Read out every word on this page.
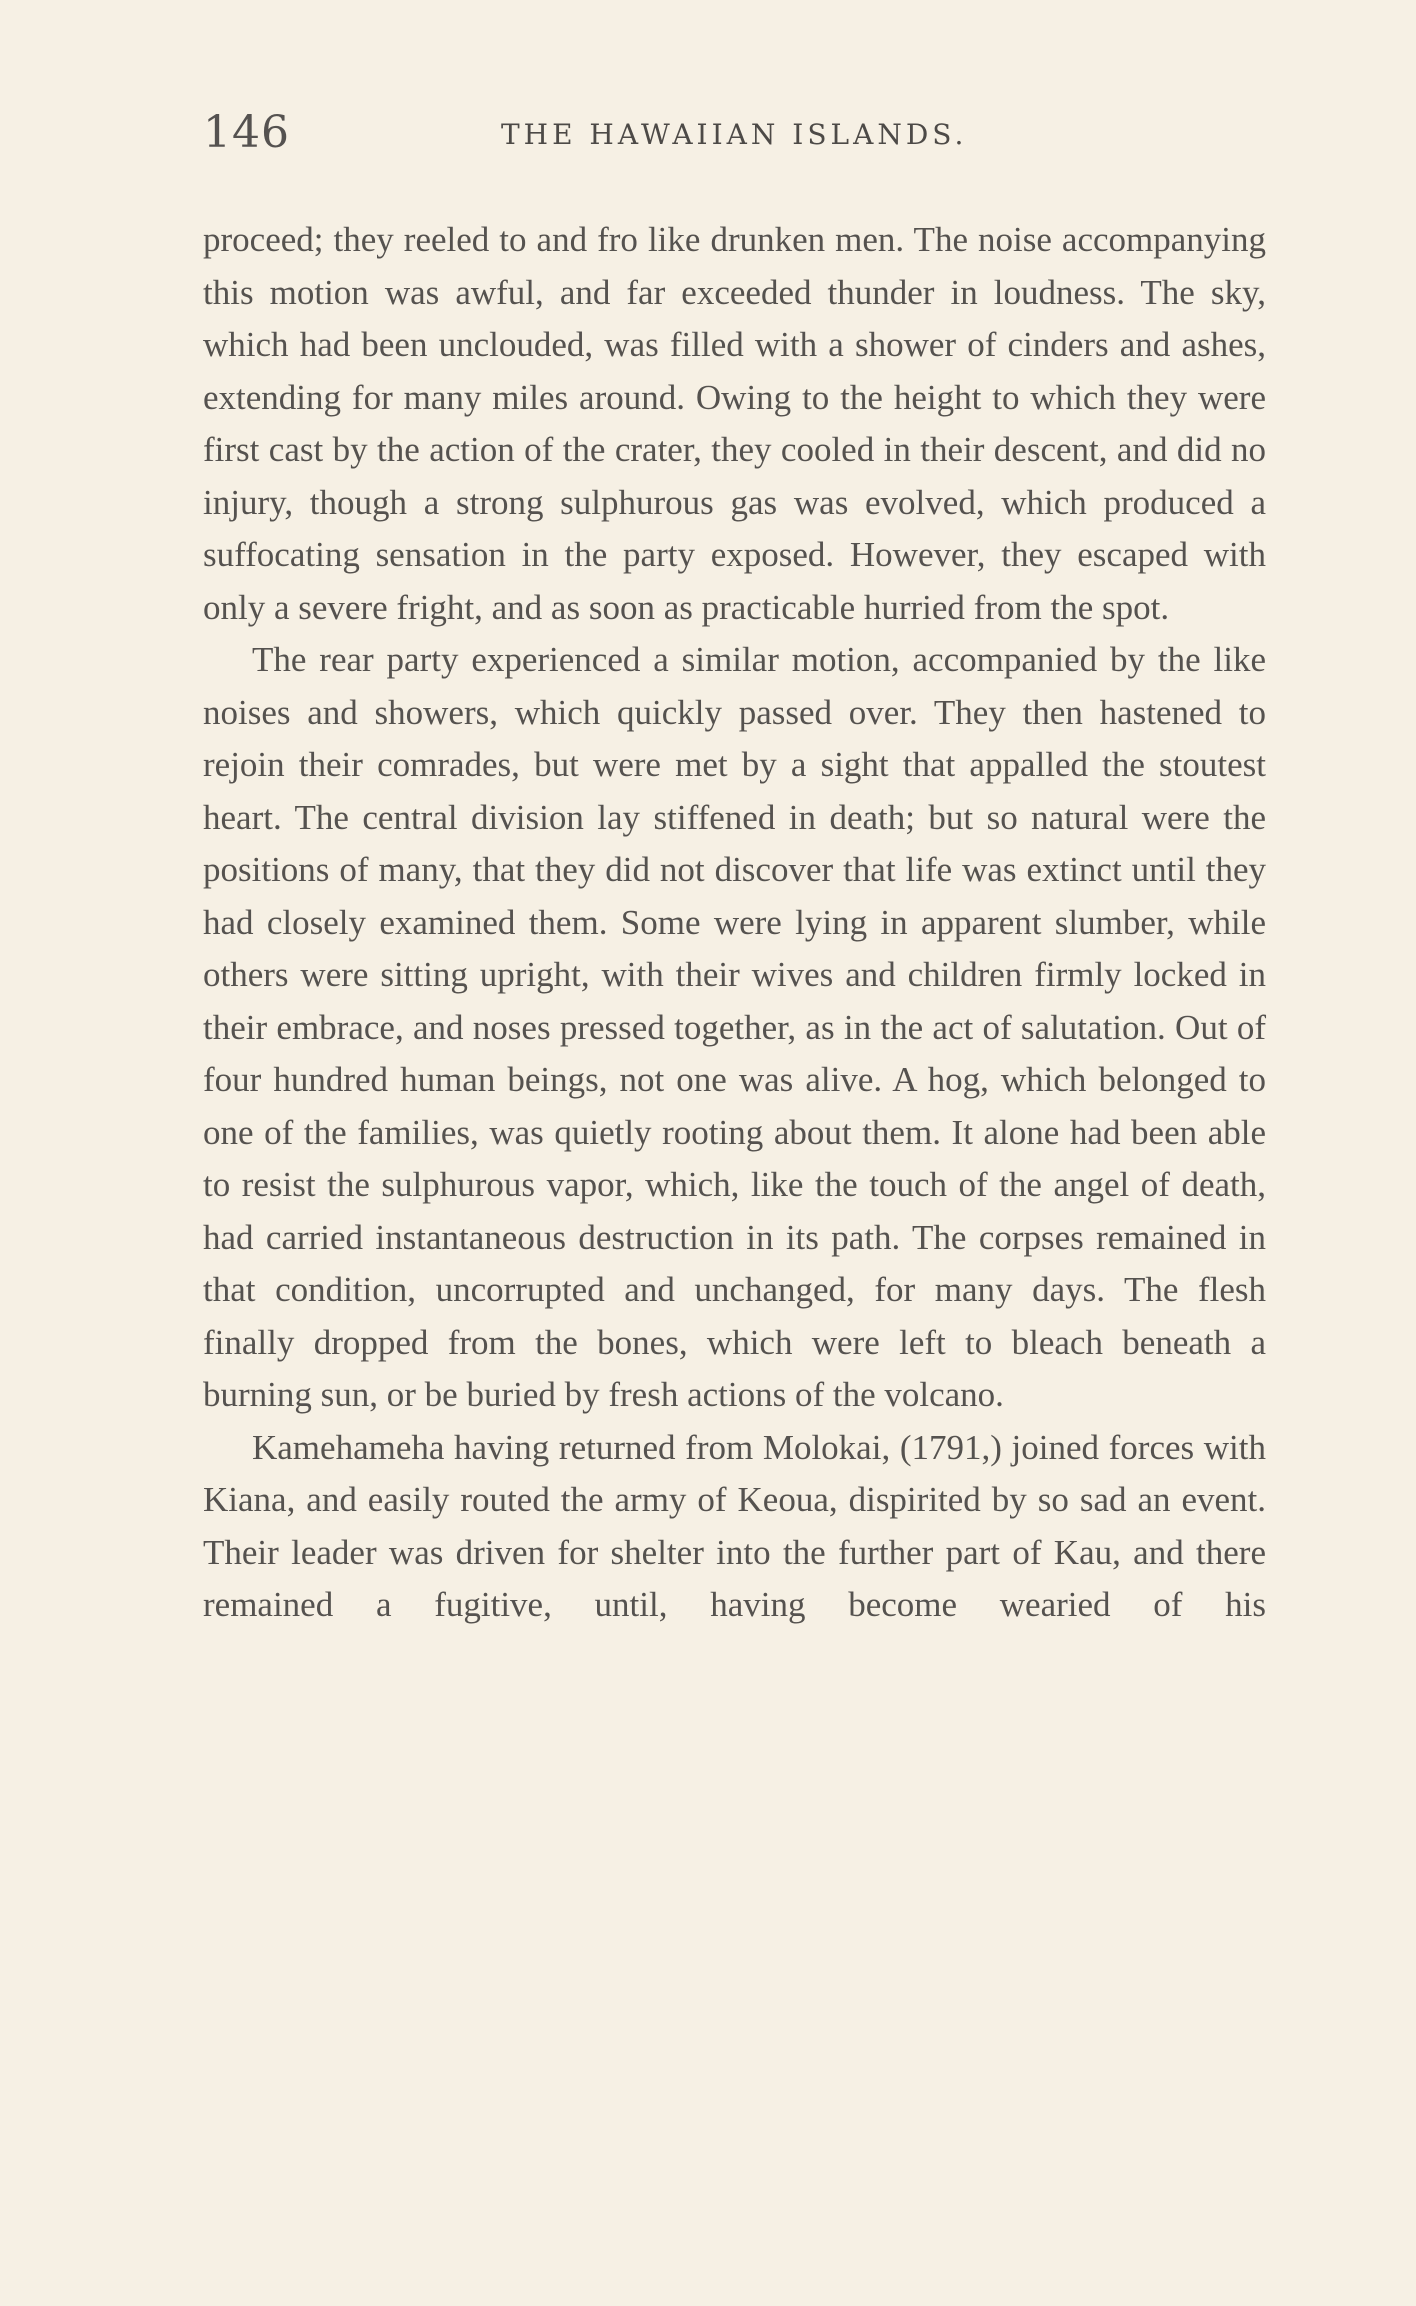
146	THE HAWAIIAN ISLANDS.

proceed; they reeled to and fro like drunken men. The noise accompanying this motion was awful, and far exceeded thunder in loudness. The sky, which had been unclouded, was filled with a shower of cinders and ashes, extending for many miles around. Owing to the height to which they were first cast by the action of the crater, they cooled in their descent, and did no injury, though a strong sulphurous gas was evolved, which produced a suffocating sensation in the party exposed. However, they escaped with only a severe fright, and as soon as practicable hurried from the spot.

The rear party experienced a similar motion, accompanied by the like noises and showers, which quickly passed over. They then hastened to rejoin their comrades, but were met by a sight that appalled the stoutest heart. The central division lay stiffened in death; but so natural were the positions of many, that they did not discover that life was extinct until they had closely examined them. Some were lying in apparent slumber, while others were sitting upright, with their wives and children firmly locked in their embrace, and noses pressed together, as in the act of salutation. Out of four hundred human beings, not one was alive. A hog, which belonged to one of the families, was quietly rooting about them. It alone had been able to resist the sulphurous vapor, which, like the touch of the angel of death, had carried instantaneous destruction in its path. The corpses remained in that condition, uncorrupted and unchanged, for many days. The flesh finally dropped from the bones, which were left to bleach beneath a burning sun, or be buried by fresh actions of the volcano.

Kamehameha having returned from Molokai, (1791,) joined forces with Kiana, and easily routed the army of Keoua, dispirited by so sad an event. Their leader was driven for shelter into the further part of Kau, and there remained a fugitive, until, having become wearied of his
